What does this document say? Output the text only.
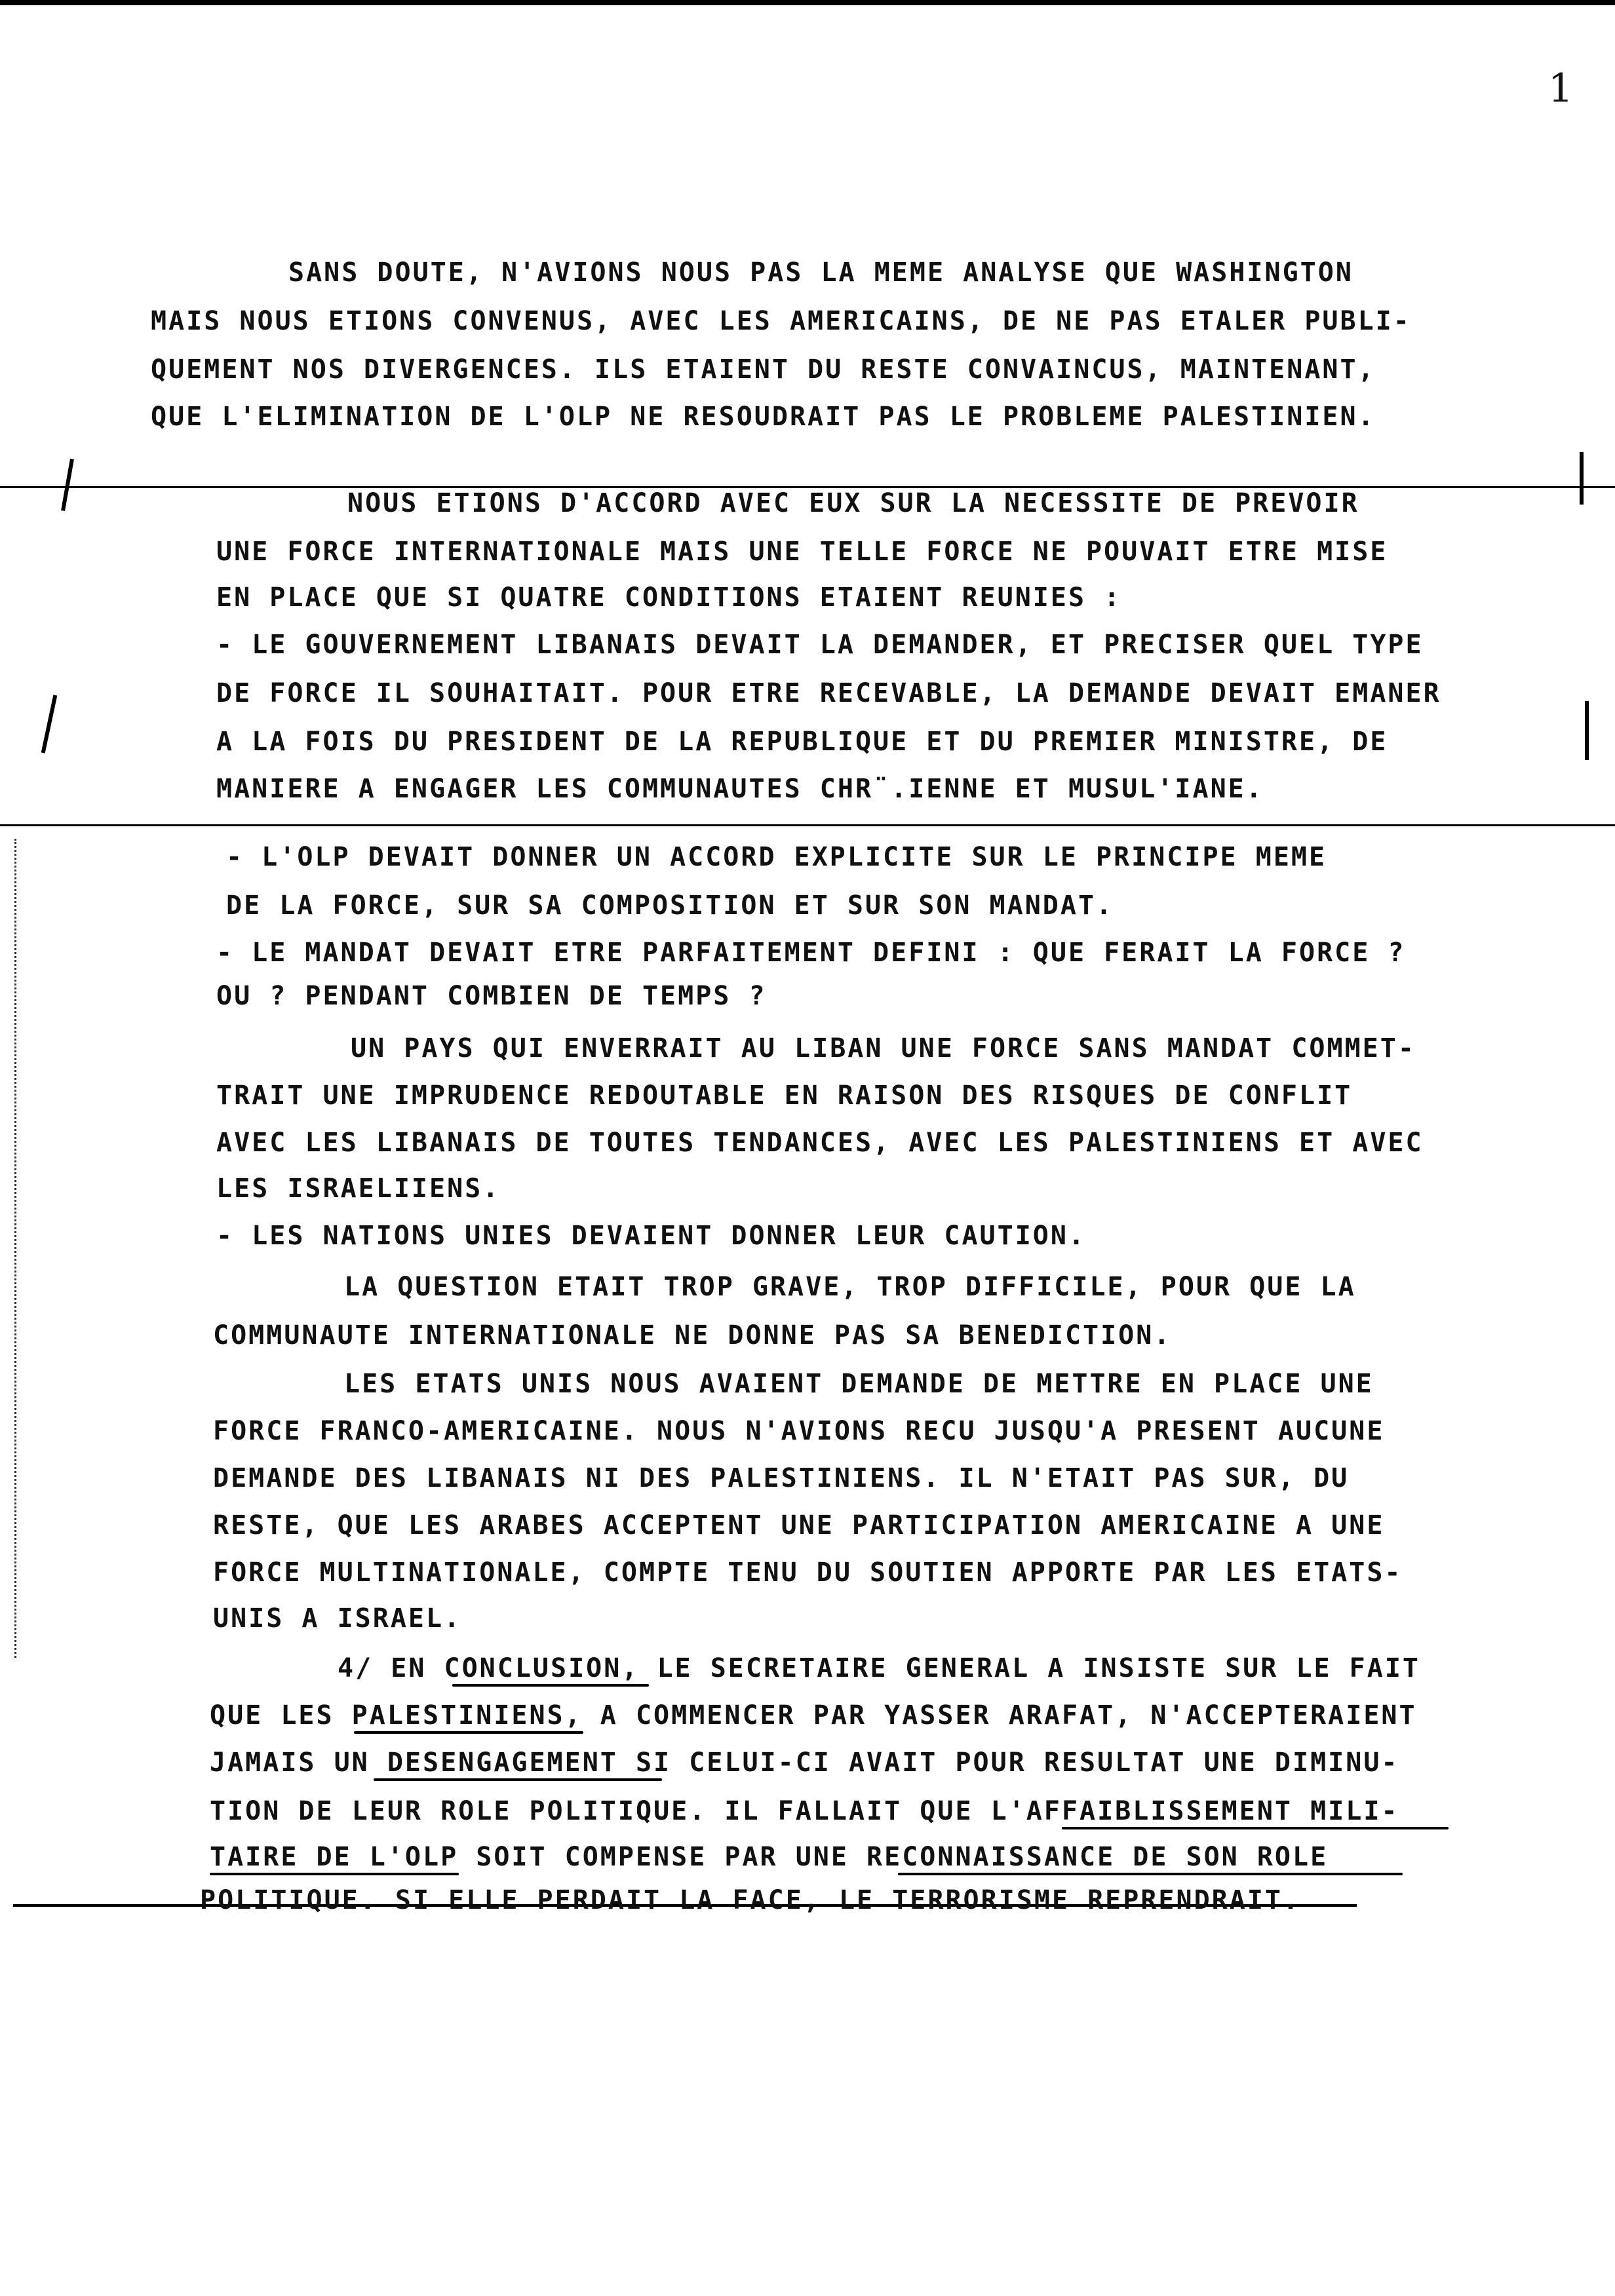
1
SANS DOUTE, N'AVIONS NOUS PAS LA MEME ANALYSE QUE WASHINGTON
MAIS NOUS ETIONS CONVENUS, AVEC LES AMERICAINS, DE NE PAS ETALER PUBLI-
QUEMENT NOS DIVERGENCES. ILS ETAIENT DU RESTE CONVAINCUS, MAINTENANT,
QUE L'ELIMINATION DE L'OLP NE RESOUDRAIT PAS LE PROBLEME PALESTINIEN.
NOUS ETIONS D'ACCORD AVEC EUX SUR LA NECESSITE DE PREVOIR
UNE FORCE INTERNATIONALE MAIS UNE TELLE FORCE NE POUVAIT ETRE MISE
EN PLACE QUE SI QUATRE CONDITIONS ETAIENT REUNIES :
- LE GOUVERNEMENT LIBANAIS DEVAIT LA DEMANDER, ET PRECISER QUEL TYPE
DE FORCE IL SOUHAITAIT. POUR ETRE RECEVABLE, LA DEMANDE DEVAIT EMANER
A LA FOIS DU PRESIDENT DE LA REPUBLIQUE ET DU PREMIER MINISTRE, DE
MANIERE A ENGAGER LES COMMUNAUTES CHR¨.IENNE ET MUSUL'IANE.
- L'OLP DEVAIT DONNER UN ACCORD EXPLICITE SUR LE PRINCIPE MEME
DE LA FORCE, SUR SA COMPOSITION ET SUR SON MANDAT.
- LE MANDAT DEVAIT ETRE PARFAITEMENT DEFINI : QUE FERAIT LA FORCE ?
OU ? PENDANT COMBIEN DE TEMPS ?
UN PAYS QUI ENVERRAIT AU LIBAN UNE FORCE SANS MANDAT COMMET-
TRAIT UNE IMPRUDENCE REDOUTABLE EN RAISON DES RISQUES DE CONFLIT
AVEC LES LIBANAIS DE TOUTES TENDANCES, AVEC LES PALESTINIENS ET AVEC
LES ISRAELIIENS.
- LES NATIONS UNIES DEVAIENT DONNER LEUR CAUTION.
LA QUESTION ETAIT TROP GRAVE, TROP DIFFICILE, POUR QUE LA
COMMUNAUTE INTERNATIONALE NE DONNE PAS SA BENEDICTION.
LES ETATS UNIS NOUS AVAIENT DEMANDE DE METTRE EN PLACE UNE
FORCE FRANCO-AMERICAINE. NOUS N'AVIONS RECU JUSQU'A PRESENT AUCUNE
DEMANDE DES LIBANAIS NI DES PALESTINIENS. IL N'ETAIT PAS SUR, DU
RESTE, QUE LES ARABES ACCEPTENT UNE PARTICIPATION AMERICAINE A UNE
FORCE MULTINATIONALE, COMPTE TENU DU SOUTIEN APPORTE PAR LES ETATS-
UNIS A ISRAEL.
4/ EN CONCLUSION, LE SECRETAIRE GENERAL A INSISTE SUR LE FAIT
QUE LES PALESTINIENS, A COMMENCER PAR YASSER ARAFAT, N'ACCEPTERAIENT
JAMAIS UN DESENGAGEMENT SI CELUI-CI AVAIT POUR RESULTAT UNE DIMINU-
TION DE LEUR ROLE POLITIQUE. IL FALLAIT QUE L'AFFAIBLISSEMENT MILI-
TAIRE DE L'OLP SOIT COMPENSE PAR UNE RECONNAISSANCE DE SON ROLE
POLITIQUE. SI ELLE PERDAIT LA FACE, LE TERRORISME REPRENDRAIT.
